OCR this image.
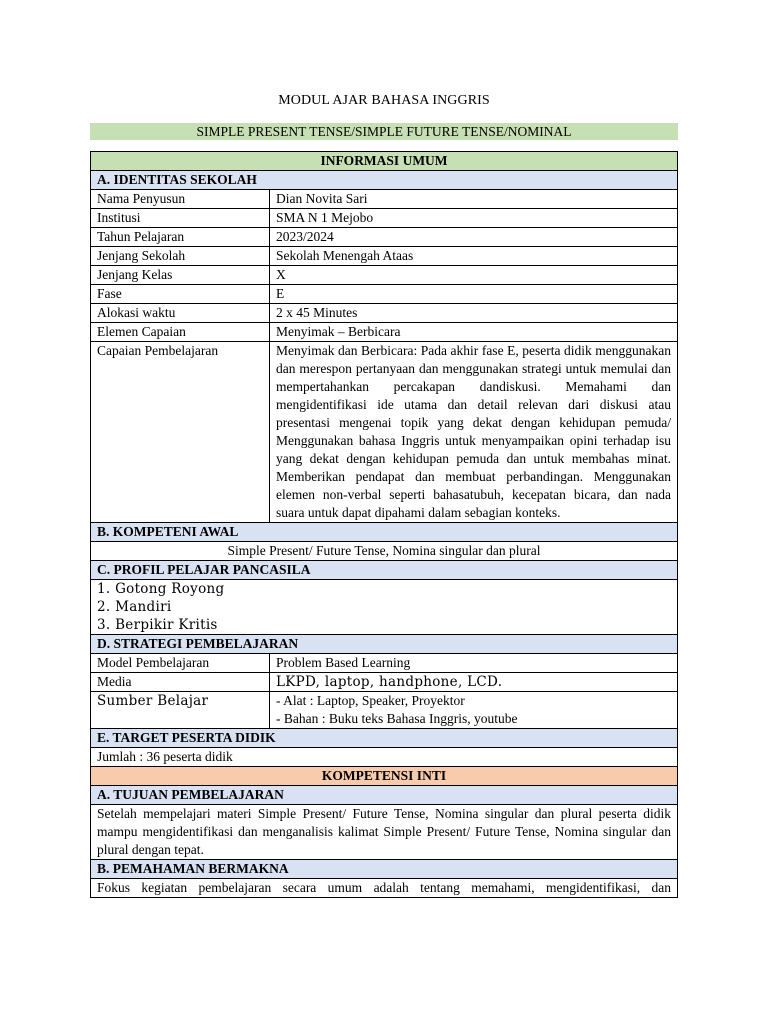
MODUL AJAR BAHASA INGGRIS
SIMPLE PRESENT TENSE/SIMPLE FUTURE TENSE/NOMINAL
INFORMASI UMUM	
A. IDENTITAS SEKOLAH	
Nama Penyusun	Dian Novita Sari
Institusi	SMA N 1 Mejobo
Tahun Pelajaran	2023/2024
Jenjang Sekolah	Sekolah Menengah Ataas
Jenjang Kelas	X
Fase	E
Alokasi waktu	2 x 45 Minutes
Elemen Capaian	Menyimak – Berbicara
Capaian Pembelajaran	Menyimak dan Berbicara: Pada akhir fase E, peserta didik menggunakan dan merespon pertanyaan dan menggunakan strategi untuk memulai dan mempertahankan percakapan dandiskusi. Memahami dan mengidentifikasi ide utama dan detail relevan dari diskusi atau presentasi mengenai topik yang dekat dengan kehidupan pemuda/ Menggunakan bahasa Inggris untuk menyampaikan opini terhadap isu yang dekat dengan kehidupan pemuda dan untuk membahas minat. Memberikan pendapat dan membuat perbandingan. Menggunakan elemen non-verbal seperti bahasatubuh, kecepatan bicara, dan nada suara untuk dapat dipahami dalam sebagian konteks.
B. KOMPETENI AWAL	
Simple Present/ Future Tense, Nomina singular dan plural	
C. PROFIL PELAJAR PANCASILA	

1. Gotong Royong
2. Mandiri
3. Berpikir Kritis	

D. STRATEGI PEMBELAJARAN	
Model Pembelajaran	Problem Based Learning
Media	LKPD, laptop, handphone, LCD.
Sumber Belajar	- Alat : Laptop, Speaker, Proyektor
- Bahan : Buku teks Bahasa Inggris, youtube

E. TARGET PESERTA DIDIK	
Jumlah : 36 peserta didik	
KOMPETENSI INTI	
A. TUJUAN PEMBELAJARAN	
Setelah mempelajari materi Simple Present/ Future Tense, Nomina singular dan plural peserta didik mampu mengidentifikasi dan menganalisis kalimat Simple Present/ Future Tense, Nomina singular dan plural dengan tepat.	
B. PEMAHAMAN BERMAKNA	
Fokus kegiatan pembelajaran secara umum adalah tentang memahami, mengidentifikasi, dan	
